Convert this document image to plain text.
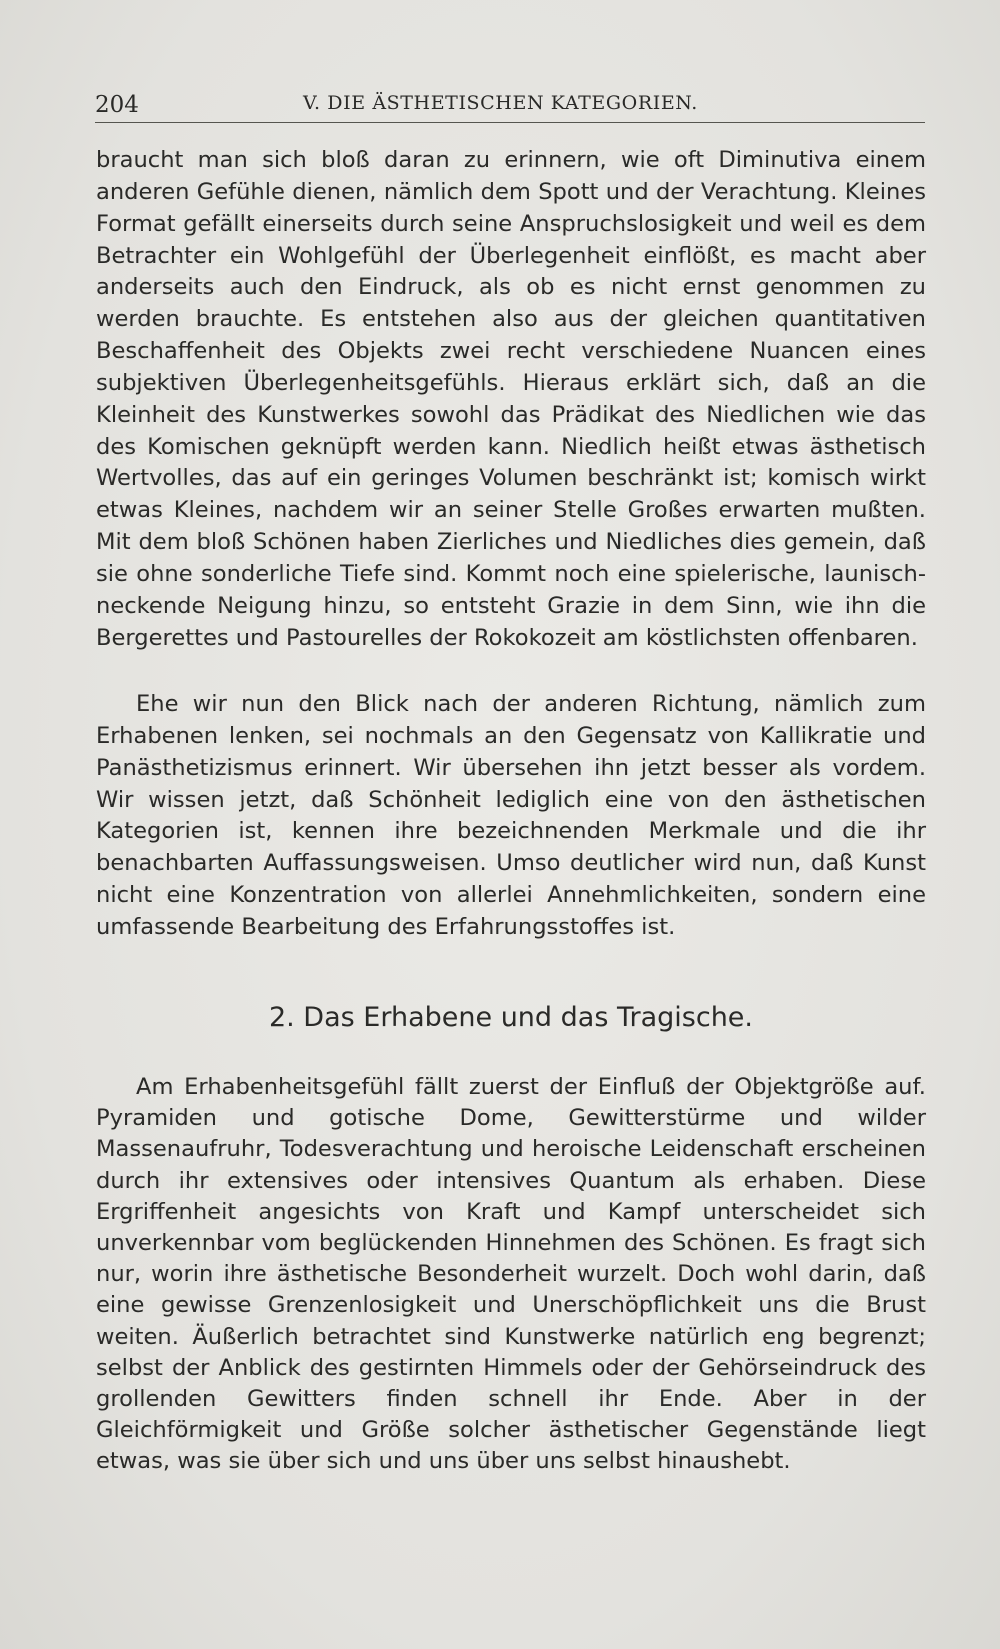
204	V. DIE ÄSTHETISCHEN KATEGORIEN.

braucht man sich bloß daran zu erinnern, wie oft Diminutiva einem anderen Gefühle dienen, nämlich dem Spott und der Verachtung. Kleines Format gefällt einerseits durch seine Anspruchslosigkeit und weil es dem Betrachter ein Wohlgefühl der Überlegenheit einflößt, es macht aber anderseits auch den Eindruck, als ob es nicht ernst genommen zu werden brauchte. Es entstehen also aus der gleichen quantitativen Beschaffenheit des Objekts zwei recht verschiedene Nuancen eines subjektiven Überlegenheitsgefühls. Hieraus erklärt sich, daß an die Kleinheit des Kunstwerkes sowohl das Prädikat des Niedlichen wie das des Komischen geknüpft werden kann. Niedlich heißt etwas ästhetisch Wertvolles, das auf ein geringes Volumen beschränkt ist; komisch wirkt etwas Kleines, nachdem wir an seiner Stelle Großes erwarten mußten. Mit dem bloß Schönen haben Zierliches und Niedliches dies gemein, daß sie ohne sonderliche Tiefe sind. Kommt noch eine spielerische, launisch-neckende Neigung hinzu, so entsteht Grazie in dem Sinn, wie ihn die Bergerettes und Pastourelles der Rokokozeit am köstlichsten offenbaren.

Ehe wir nun den Blick nach der anderen Richtung, nämlich zum Erhabenen lenken, sei nochmals an den Gegensatz von Kallikratie und Panästhetizismus erinnert. Wir übersehen ihn jetzt besser als vordem. Wir wissen jetzt, daß Schönheit lediglich eine von den ästhetischen Kategorien ist, kennen ihre bezeichnenden Merkmale und die ihr benachbarten Auffassungsweisen. Umso deutlicher wird nun, daß Kunst nicht eine Konzentration von allerlei Annehmlichkeiten, sondern eine umfassende Bearbeitung des Erfahrungsstoffes ist.

2. Das Erhabene und das Tragische.

Am Erhabenheitsgefühl fällt zuerst der Einfluß der Objektgröße auf. Pyramiden und gotische Dome, Gewitterstürme und wilder Massenaufruhr, Todesverachtung und heroische Leidenschaft erscheinen durch ihr extensives oder intensives Quantum als erhaben. Diese Ergriffenheit angesichts von Kraft und Kampf unterscheidet sich unverkennbar vom beglückenden Hinnehmen des Schönen. Es fragt sich nur, worin ihre ästhetische Besonderheit wurzelt. Doch wohl darin, daß eine gewisse Grenzenlosigkeit und Unerschöpflichkeit uns die Brust weiten. Äußerlich betrachtet sind Kunstwerke natürlich eng begrenzt; selbst der Anblick des gestirnten Himmels oder der Gehörseindruck des grollenden Gewitters finden schnell ihr Ende. Aber in der Gleichförmigkeit und Größe solcher ästhetischer Gegenstände liegt etwas, was sie über sich und uns über uns selbst hinaushebt.
